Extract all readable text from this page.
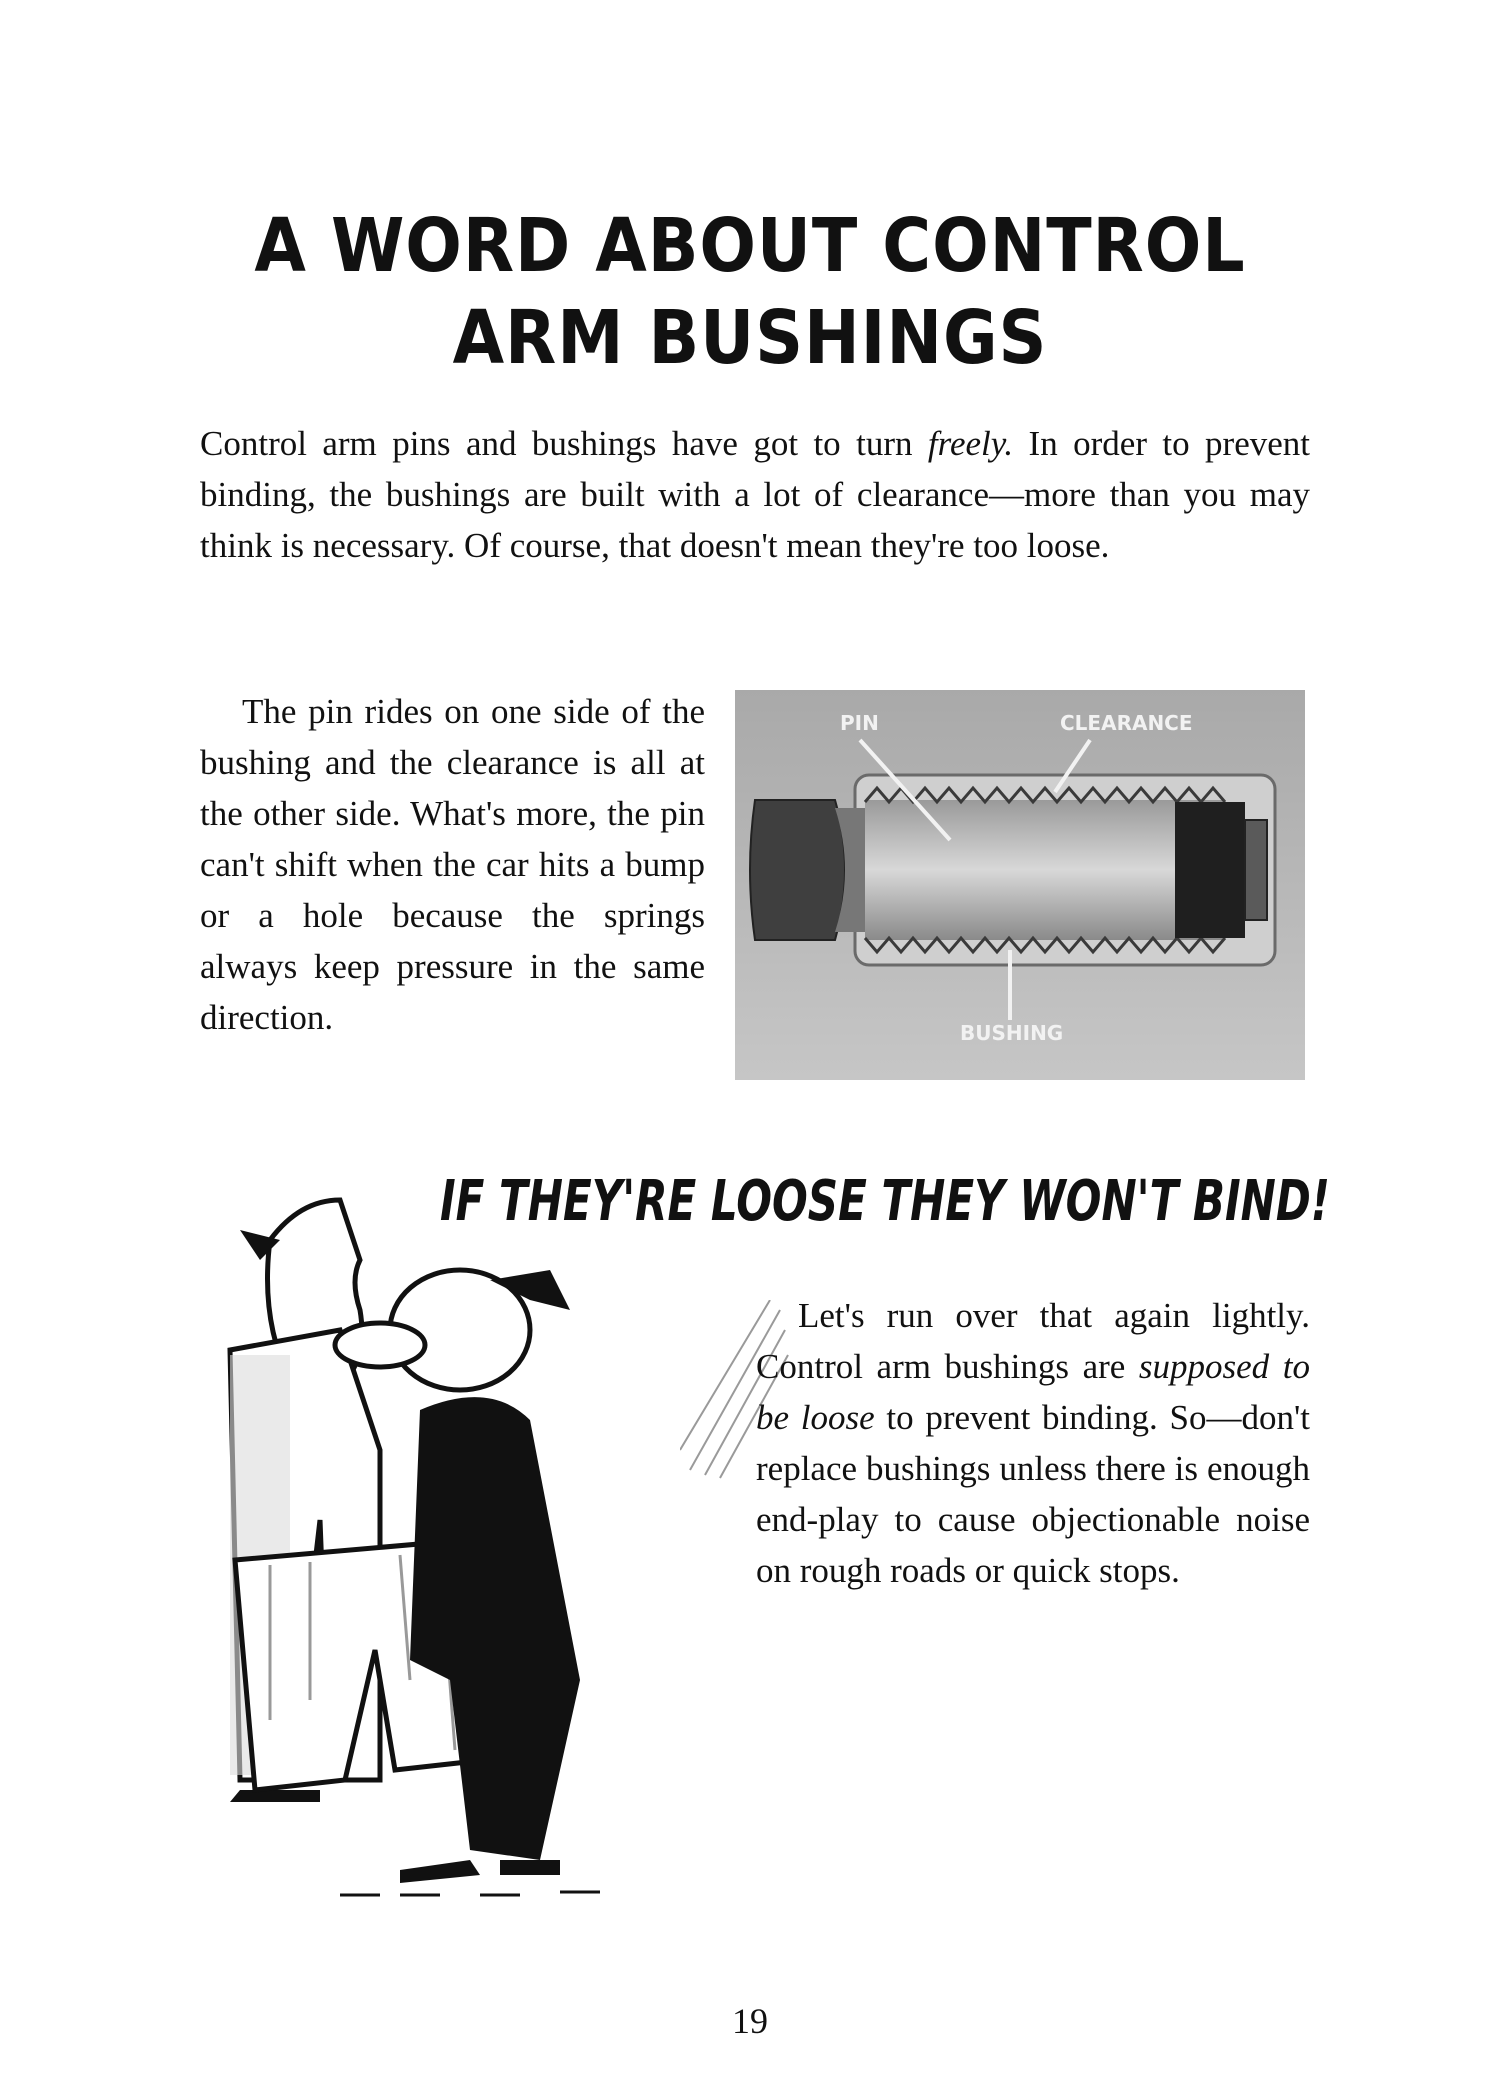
A WORD ABOUT CONTROL ARM BUSHINGS

Control arm pins and bushings have got to turn freely. In order to prevent binding, the bushings are built with a lot of clearance—more than you may think is necessary. Of course, that doesn't mean they're too loose.

The pin rides on one side of the bushing and the clearance is all at the other side. What's more, the pin can't shift when the car hits a bump or a hole because the springs always keep pressure in the same direction.

PIN	CLEARANCE
BUSHING
IF THEY'RE LOOSE THEY WON'T BIND!

Let's run over that again lightly. Control arm bushings are supposed to be loose to prevent binding. So—don't replace bushings unless there is enough end-play to cause objectionable noise on rough roads or quick stops.

19
